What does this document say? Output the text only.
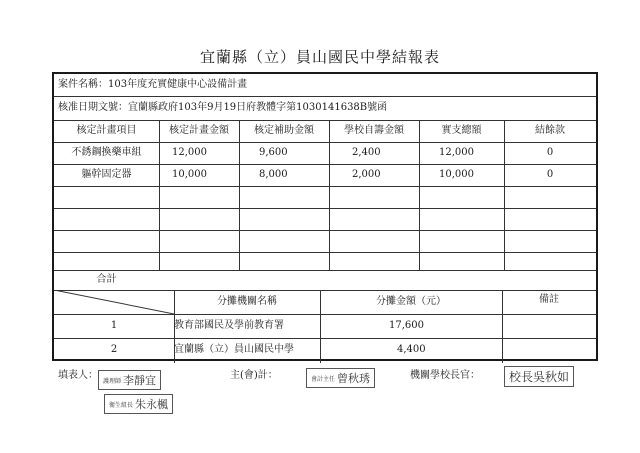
宜蘭縣（立）員山國民中學結報表
案件名稱：103年度充實健康中心設備計畫
核准日期文號：宜蘭縣政府103年9月19日府教體字第1030141638B號函
核定計畫項目	核定計畫金額	核定補助金額	學校自籌金額	實支總額	結餘款
不銹鋼換藥車組	12,000	9,600	2,400	12,000	0
軀幹固定器	10,000	8,000	2,000	10,000	0
合計
分攤機關名稱	分攤金額（元）	備註
1	教育部國民及學前教育署	17,600
2	宜蘭縣（立）員山國民中學	4,400
填表人：	主(會)計：	機關學校長官：
護理師 李靜宜
衛生組長 朱永楓
會計主任 曾秋琇	校長吳秋如
